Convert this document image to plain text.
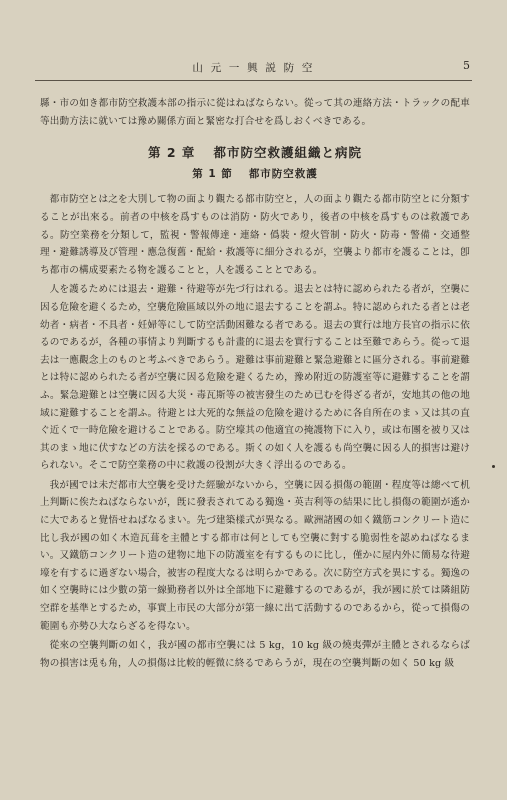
山 元 一 興 説 防 空	5

縣・市の如き都市防空救護本部の指示に從はねばならない。從って其の連絡方法・トラックの配車等出動方法に就いては豫め關係方面と緊密な打合せを爲しおくべきである。

第 2 章 都市防空救護組織と病院
第 1 節 都市防空救護

都市防空とは之を大別して物の面より觀たる都市防空と，人の面より觀たる都市防空とに分類することが出來る。前者の中核を爲すものは消防・防火であり，後者の中核を爲すものは救護である。防空業務を分類して，監視・警報傳達・連絡・僞裝・燈火管制・防火・防毒・警備・交通整理・避難誘導及び管理・應急復舊・配給・救護等に細分されるが，空襲より都市を護ることは，卽ち都市の構成要素たる物を護ることと，人を護ることとである。

人を護るためには退去・避難・待避等が先づ行はれる。退去とは特に認められたる者が，空襲に因る危險を避くるため，空襲危險區域以外の地に退去することを謂ふ。特に認められたる者とは老幼者・病者・不具者・妊婦等にして防空活動困難なる者である。退去の實行は地方長官の指示に依るのであるが，各種の事情より判斷するも計畫的に退去を實行することは至難であらう。從って退去は一應觀念上のものと考ふべきであらう。避難は事前避難と緊急避難とに區分される。事前避難とは特に認められたる者が空襲に因る危險を避くるため，豫め附近の防護室等に避難することを謂ふ。緊急避難とは空襲に因る大災・毒瓦斯等の被害發生のため已むを得ざる者が，安地其の他の地域に避難することを謂ふ。待避とは大死的な無益の危險を避けるために各自所在のまゝ又は其の直ぐ近くで一時危險を避けることである。防空壕其の他適宜の掩護物下に入り，或は布團を被り又は其のまゝ地に伏すなどの方法を採るのである。斯くの如く人を護るも尚空襲に因る人的損害は避けられない。そこで防空業務の中に救護の役割が大きく浮出るのである。

我が國では未だ都市大空襲を受けた經驗がないから，空襲に因る損傷の範圍・程度等は總べて机上判斷に俟たねばならないが，旣に發表されてゐる獨逸・英吉利等の結果に比し損傷の範圍が遙かに大であると覺悟せねばなるまい。先づ建築樣式が異なる。歐洲諸國の如く鐵筋コンクリート造に比し我が國の如く木造瓦葺を主體とする都市は何としても空襲に對する脆弱性を認めねばなるまい。又鐵筋コンクリート造の建物に地下の防護室を有するものに比し，僅かに屋内外に簡易な待避壕を有するに過ぎない場合，被害の程度大なるは明らかである。次に防空方式を異にする。獨逸の如く空襲時には少數の第一線勤務者以外は全部地下に避難するのであるが，我が國に於ては隣組防空群を基準とするため，事實上市民の大部分が第一線に出て活動するのであるから，從って損傷の範圍も亦勢ひ大ならざるを得ない。

從來の空襲判斷の如く，我が國の都市空襲には 5 kg，10 kg 級の燒夷彈が主體とされるならば物の損害は兎も角，人の損傷は比較的輕微に終るであらうが，現在の空襲判斷の如く 50 kg 級
